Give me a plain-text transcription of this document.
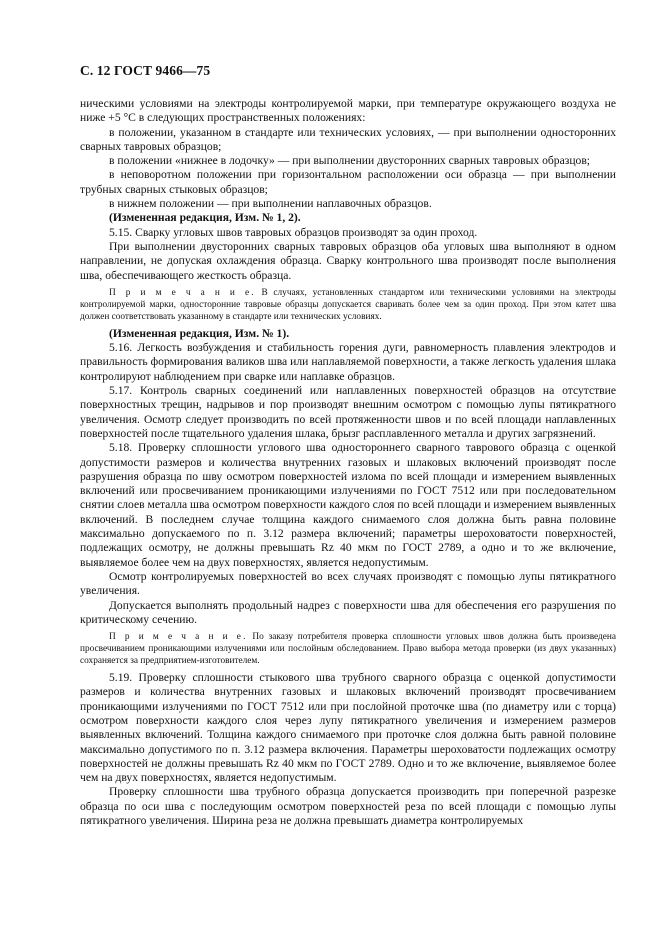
С. 12 ГОСТ 9466—75

ническими условиями на электроды контролируемой марки, при температуре окружающего воздуха не ниже +5 °С в следующих пространственных положениях:

в положении, указанном в стандарте или технических условиях, — при выполнении односторонних сварных тавровых образцов;

в положении «нижнее в лодочку» — при выполнении двусторонних сварных тавровых образцов;

в неповоротном положении при горизонтальном расположении оси образца — при выполнении трубных сварных стыковых образцов;

в нижнем положении — при выполнении наплавочных образцов.

(Измененная редакция, Изм. № 1, 2).

5.15. Сварку угловых швов тавровых образцов производят за один проход.

При выполнении двусторонних сварных тавровых образцов оба угловых шва выполняют в одном направлении, не допуская охлаждения образца. Сварку контрольного шва производят после выполнения шва, обеспечивающего жесткость образца.

П р и м е ч а н и е. В случаях, установленных стандартом или техническими условиями на электроды контролируемой марки, односторонние тавровые образцы допускается сваривать более чем за один проход. При этом катет шва должен соответствовать указанному в стандарте или технических условиях.

(Измененная редакция, Изм. № 1).

5.16. Легкость возбуждения и стабильность горения дуги, равномерность плавления электродов и правильность формирования валиков шва или наплавляемой поверхности, а также легкость удаления шлака контролируют наблюдением при сварке или наплавке образцов.

5.17. Контроль сварных соединений или наплавленных поверхностей образцов на отсутствие поверхностных трещин, надрывов и пор производят внешним осмотром с помощью лупы пятикратного увеличения. Осмотр следует производить по всей протяженности швов и по всей площади наплавленных поверхностей после тщательного удаления шлака, брызг расплавленного металла и других загрязнений.

5.18. Проверку сплошности углового шва одностороннего сварного таврового образца с оценкой допустимости размеров и количества внутренних газовых и шлаковых включений производят после разрушения образца по шву осмотром поверхностей излома по всей площади и измерением выявленных включений или просвечиванием проникающими излучениями по ГОСТ 7512 или при последовательном снятии слоев металла шва осмотром поверхности каждого слоя по всей площади и измерением выявленных включений. В последнем случае толщина каждого снимаемого слоя должна быть равна половине максимально допускаемого по п. 3.12 размера включений; параметры шероховатости поверхностей, подлежащих осмотру, не должны превышать Rz 40 мкм по ГОСТ 2789, а одно и то же включение, выявляемое более чем на двух поверхностях, является недопустимым.

Осмотр контролируемых поверхностей во всех случаях производят с помощью лупы пятикратного увеличения.

Допускается выполнять продольный надрез с поверхности шва для обеспечения его разрушения по критическому сечению.

П р и м е ч а н и е. По заказу потребителя проверка сплошности угловых швов должна быть произведена просвечиванием проникающими излучениями или послойным обследованием. Право выбора метода проверки (из двух указанных) сохраняется за предприятием-изготовителем.

5.19. Проверку сплошности стыкового шва трубного сварного образца с оценкой допустимости размеров и количества внутренних газовых и шлаковых включений производят просвечиванием проникающими излучениями по ГОСТ 7512 или при послойной проточке шва (по диаметру или с торца) осмотром поверхности каждого слоя через лупу пятикратного увеличения и измерением размеров выявленных включений. Толщина каждого снимаемого при проточке слоя должна быть равной половине максимально допустимого по п. 3.12 размера включения. Параметры шероховатости подлежащих осмотру поверхностей не должны превышать Rz 40 мкм по ГОСТ 2789. Одно и то же включение, выявляемое более чем на двух поверхностях, является недопустимым.

Проверку сплошности шва трубного образца допускается производить при поперечной разрезке образца по оси шва с последующим осмотром поверхностей реза по всей площади с помощью лупы пятикратного увеличения. Ширина реза не должна превышать диаметра контролируемых
